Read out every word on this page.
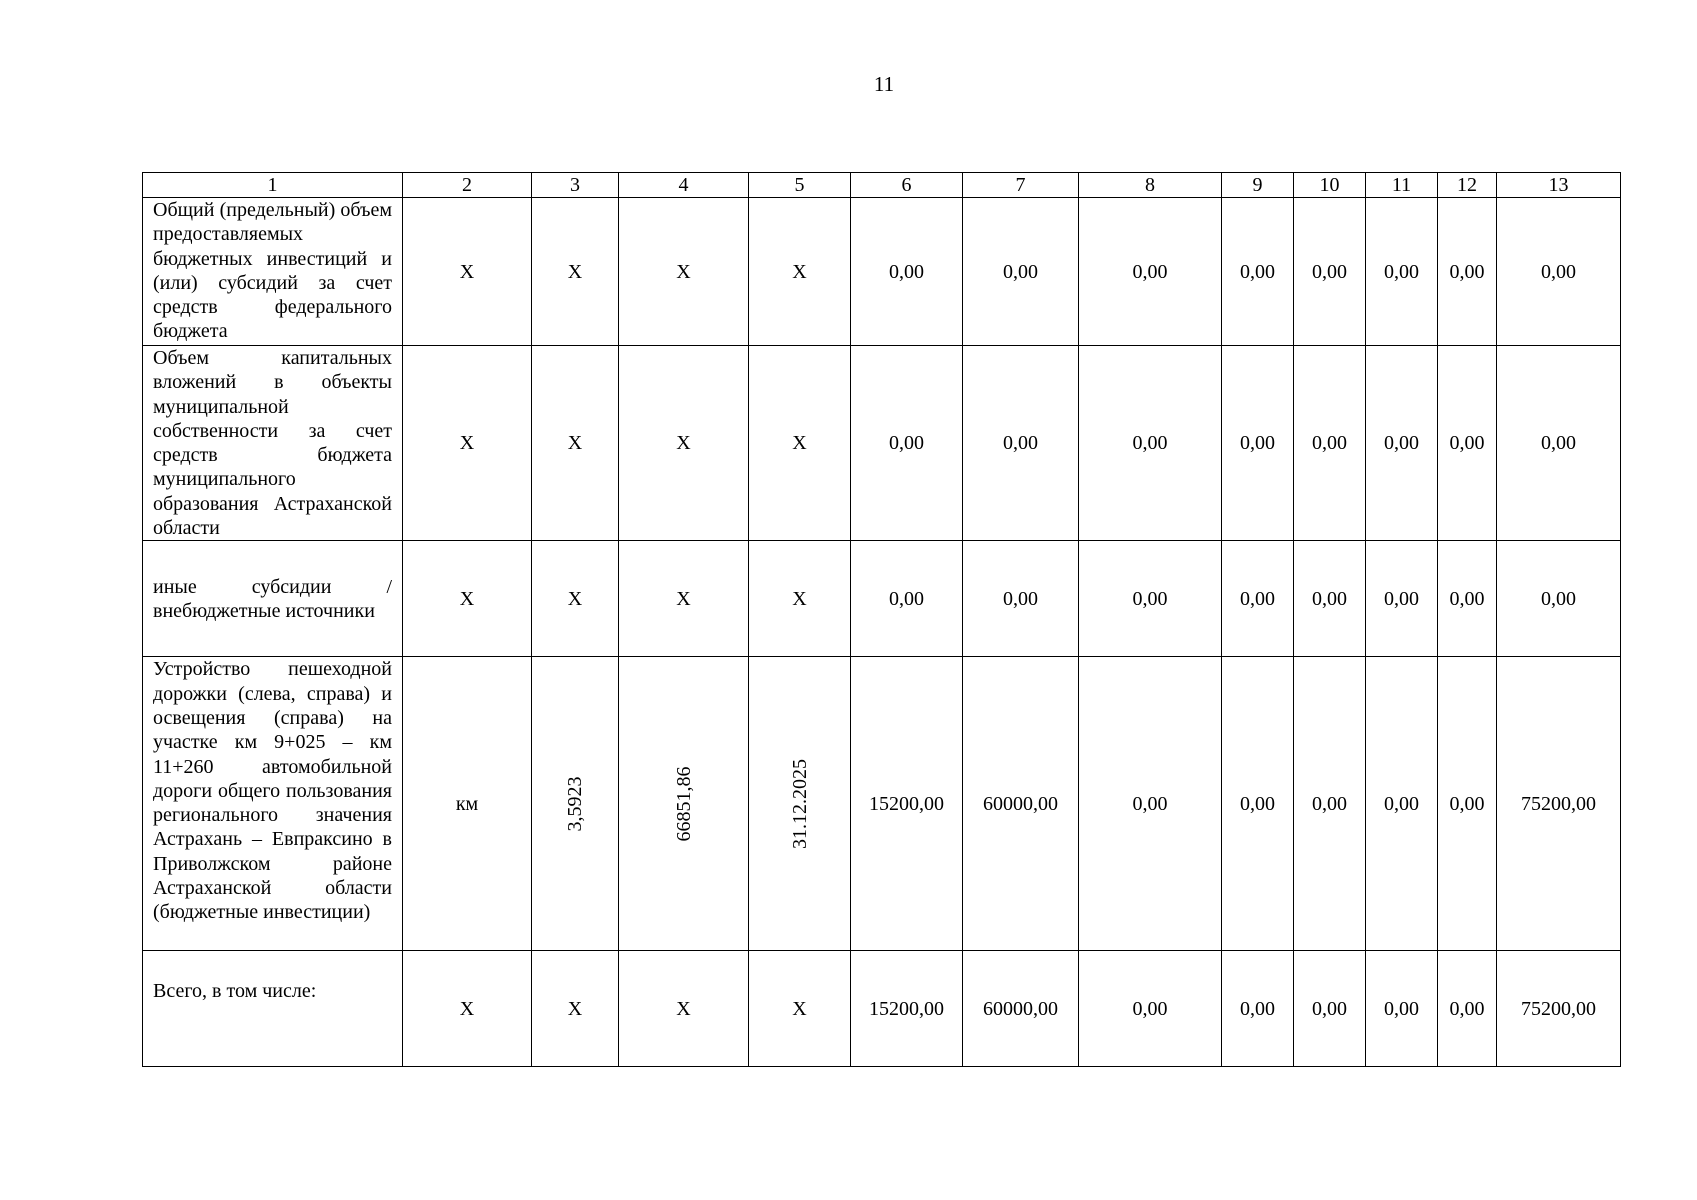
11
1	2	3	4	5	6	7	8	9	10	11	12	13
Общий (предельный) объем предоставляемых бюджетных инвестиций и (или) субсидий за счет средств федерального бюджета	X	X	X	X	0,00	0,00	0,00	0,00	0,00	0,00	0,00	0,00
Объем капитальных вложений в объекты муниципальной собственности за счет средств бюджета муниципального образования Астраханской области	X	X	X	X	0,00	0,00	0,00	0,00	0,00	0,00	0,00	0,00
иные субсидии / внебюджетные источники	X	X	X	X	0,00	0,00	0,00	0,00	0,00	0,00	0,00	0,00
Устройство пешеходной дорожки (слева, справа) и освещения (справа) на участке км 9+025 – км 11+260 автомобильной дороги общего пользования регионального значения Астрахань – Евпраксино в Приволжском районе Астраханской области (бюджетные инвестиции)	км	3,5923	66851,86	31.12.2025	15200,00	60000,00	0,00	0,00	0,00	0,00	0,00	75200,00
Всего, в том числе:	X	X	X	X	15200,00	60000,00	0,00	0,00	0,00	0,00	0,00	75200,00
